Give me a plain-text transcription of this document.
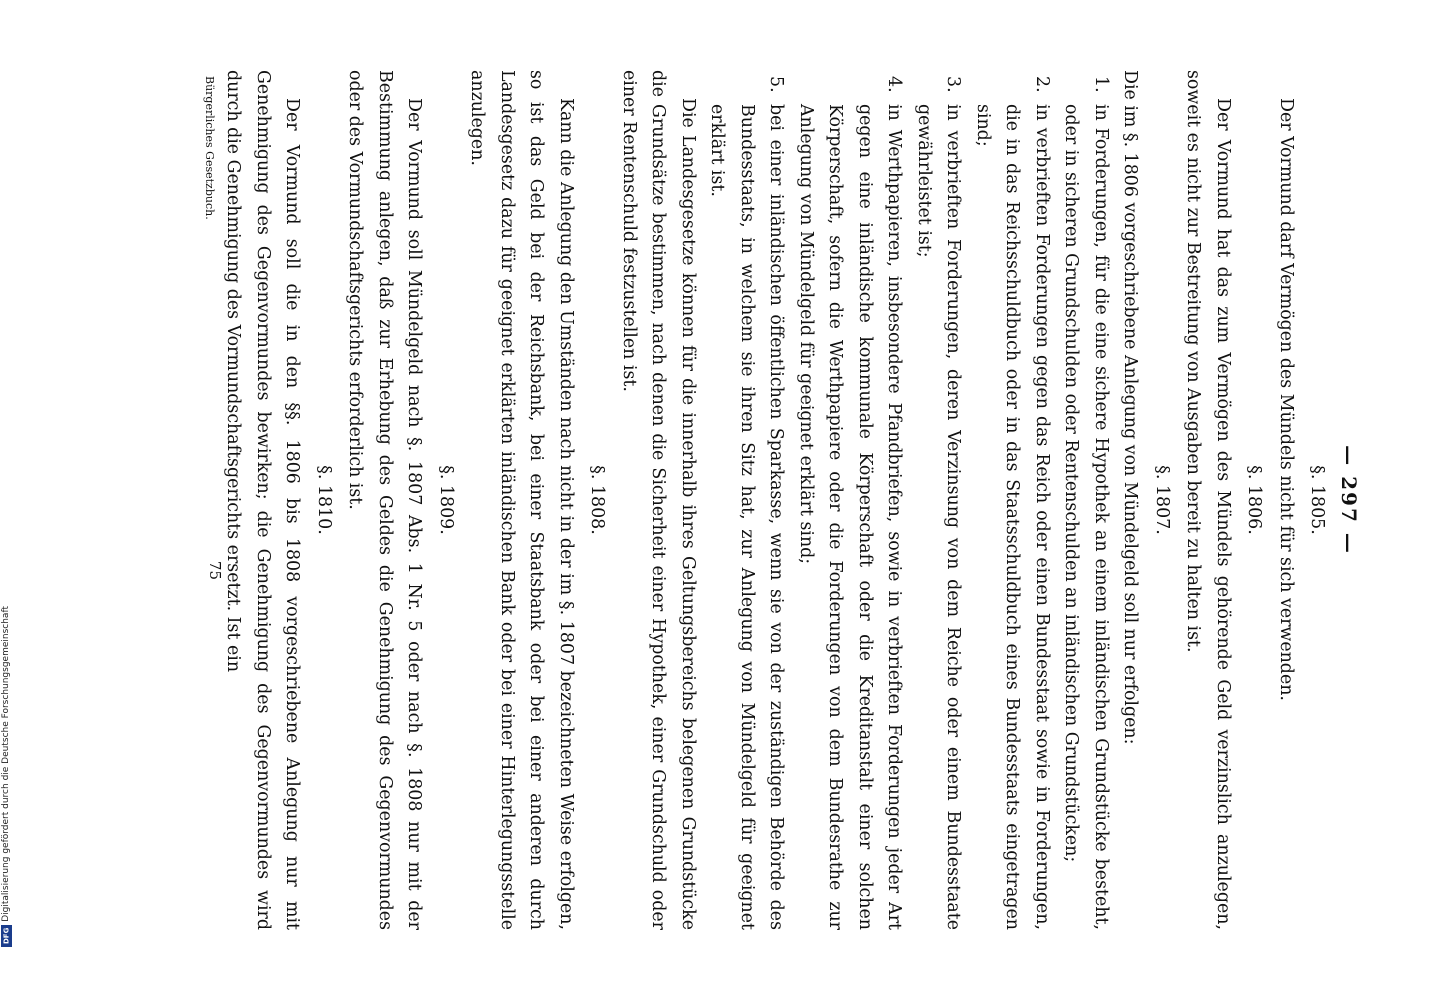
— 297 —
§. 1805.

Der Vormund darf Vermögen des Mündels nicht für sich verwenden.

§. 1806.

Der Vormund hat das zum Vermögen des Mündels gehörende Geld verzinslich anzulegen, soweit es nicht zur Bestreitung von Ausgaben bereit zu halten ist.

§. 1807.

Die im §. 1806 vorgeschriebene Anlegung von Mündelgeld soll nur erfolgen:

1.
in Forderungen, für die eine sichere Hypothek an einem inländischen Grundstücke besteht, oder in sicheren Grundschulden oder Rentenschulden an inländischen Grundstücken;
2.
in verbrieften Forderungen gegen das Reich oder einen Bundesstaat sowie in Forderungen, die in das Reichsschuldbuch oder in das Staatsschuldbuch eines Bundesstaats eingetragen sind;
3.
in verbrieften Forderungen, deren Verzinsung von dem Reiche oder einem Bundesstaate gewährleistet ist;
4.
in Werthpapieren, insbesondere Pfandbriefen, sowie in verbrieften Forderungen jeder Art gegen eine inländische kommunale Körperschaft oder die Kreditanstalt einer solchen Körperschaft, sofern die Werthpapiere oder die Forderungen von dem Bundesrathe zur Anlegung von Mündelgeld für geeignet erklärt sind;
5.
bei einer inländischen öffentlichen Sparkasse, wenn sie von der zuständigen Behörde des Bundesstaats, in welchem sie ihren Sitz hat, zur Anlegung von Mündelgeld für geeignet erklärt ist.

Die Landesgesetze können für die innerhalb ihres Geltungsbereichs belegenen Grundstücke die Grundsätze bestimmen, nach denen die Sicherheit einer Hypothek, einer Grundschuld oder einer Rentenschuld festzustellen ist.

§. 1808.

Kann die Anlegung den Umständen nach nicht in der im §. 1807 bezeichneten Weise erfolgen, so ist das Geld bei der Reichsbank, bei einer Staatsbank oder bei einer anderen durch Landesgesetz dazu für geeignet erklärten inländischen Bank oder bei einer Hinterlegungsstelle anzulegen.

§. 1809.

Der Vormund soll Mündelgeld nach §. 1807 Abs. 1 Nr. 5 oder nach §. 1808 nur mit der Bestimmung anlegen, daß zur Erhebung des Geldes die Genehmigung des Gegenvormundes oder des Vormundschaftsgerichts erforderlich ist.

§. 1810.

Der Vormund soll die in den §§. 1806 bis 1808 vorgeschriebene Anlegung nur mit Genehmigung des Gegenvormundes bewirken; die Genehmigung des Gegenvormundes wird durch die Genehmigung des Vormundschaftsgerichts ersetzt. Ist ein

Bürgerliches Gesetzbuch.
75
Digitalisierung gefördert durch die Deutsche Forschungsgemeinschaft
DFG
